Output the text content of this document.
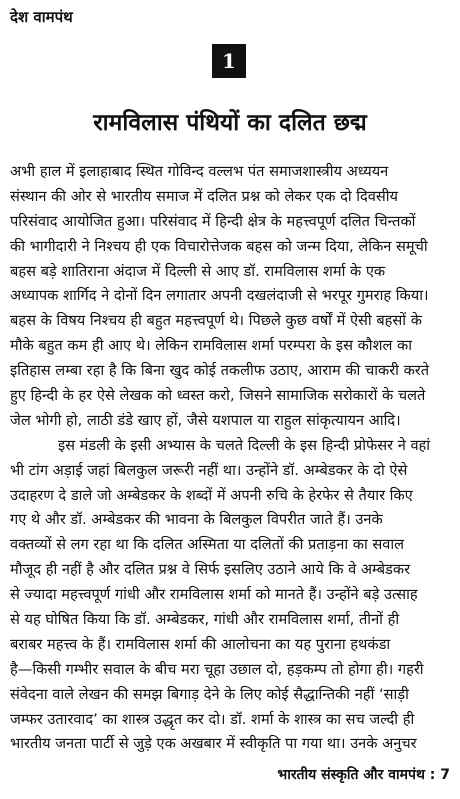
देश वामपंथ
1
रामविलास पंथियों का दलित छद्म
अभी हाल में इलाहाबाद स्थित गोविन्द वल्लभ पंत समाजशास्त्रीय अध्ययन
संस्थान की ओर से भारतीय समाज में दलित प्रश्न को लेकर एक दो दिवसीय
परिसंवाद आयोजित हुआ। परिसंवाद में हिन्दी क्षेत्र के महत्त्वपूर्ण दलित चिन्तकों
की भागीदारी ने निश्चय ही एक विचारोत्तेजक बहस को जन्म दिया, लेकिन समूची
बहस बड़े शातिराना अंदाज में दिल्ली से आए डॉ. रामविलास शर्मा के एक
अध्यापक शार्गिद ने दोनों दिन लगातार अपनी दखलंदाजी से भरपूर गुमराह किया।
बहस के विषय निश्चय ही बहुत महत्त्वपूर्ण थे। पिछले कुछ वर्षों में ऐसी बहसों के
मौके बहुत कम ही आए थे। लेकिन रामविलास शर्मा परम्परा के इस कौशल का
इतिहास लम्बा रहा है कि बिना खुद कोई तकलीफ उठाए, आराम की चाकरी करते
हुए हिन्दी के हर ऐसे लेखक को ध्वस्त करो, जिसने सामाजिक सरोकारों के चलते
जेल भोगी हो, लाठी डंडे खाए हों, जैसे यशपाल या राहुल सांकृत्यायन आदि।
इस मंडली के इसी अभ्यास के चलते दिल्ली के इस हिन्दी प्रोफेसर ने वहां
भी टांग अड़ाई जहां बिलकुल जरूरी नहीं था। उन्होंने डॉ. अम्बेडकर के दो ऐसे
उदाहरण दे डाले जो अम्बेडकर के शब्दों में अपनी रुचि के हेरफेर से तैयार किए
गए थे और डॉ. अम्बेडकर की भावना के बिलकुल विपरीत जाते हैं। उनके
वक्तव्यों से लग रहा था कि दलित अस्मिता या दलितों की प्रताड़ना का सवाल
मौजूद ही नहीं है और दलित प्रश्न वे सिर्फ इसलिए उठाने आये कि वे अम्बेडकर
से ज्यादा महत्त्वपूर्ण गांधी और रामविलास शर्मा को मानते हैं। उन्होंने बड़े उत्साह
से यह घोषित किया कि डॉ. अम्बेडकर, गांधी और रामविलास शर्मा, तीनों ही
बराबर महत्त्व के हैं। रामविलास शर्मा की आलोचना का यह पुराना हथकंडा
है—किसी गम्भीर सवाल के बीच मरा चूहा उछाल दो, हड़कम्प तो होगा ही। गहरी
संवेदना वाले लेखन की समझ बिगाड़ देने के लिए कोई सैद्धान्तिकी नहीं ‘साड़ी
जम्फर उतारवाद’ का शास्त्र उद्धृत कर दो। डॉ. शर्मा के शास्त्र का सच जल्दी ही
भारतीय जनता पार्टी से जुड़े एक अखबार में स्वीकृति पा गया था। उनके अनुचर
भारतीय संस्कृति और वामपंथ : 7
